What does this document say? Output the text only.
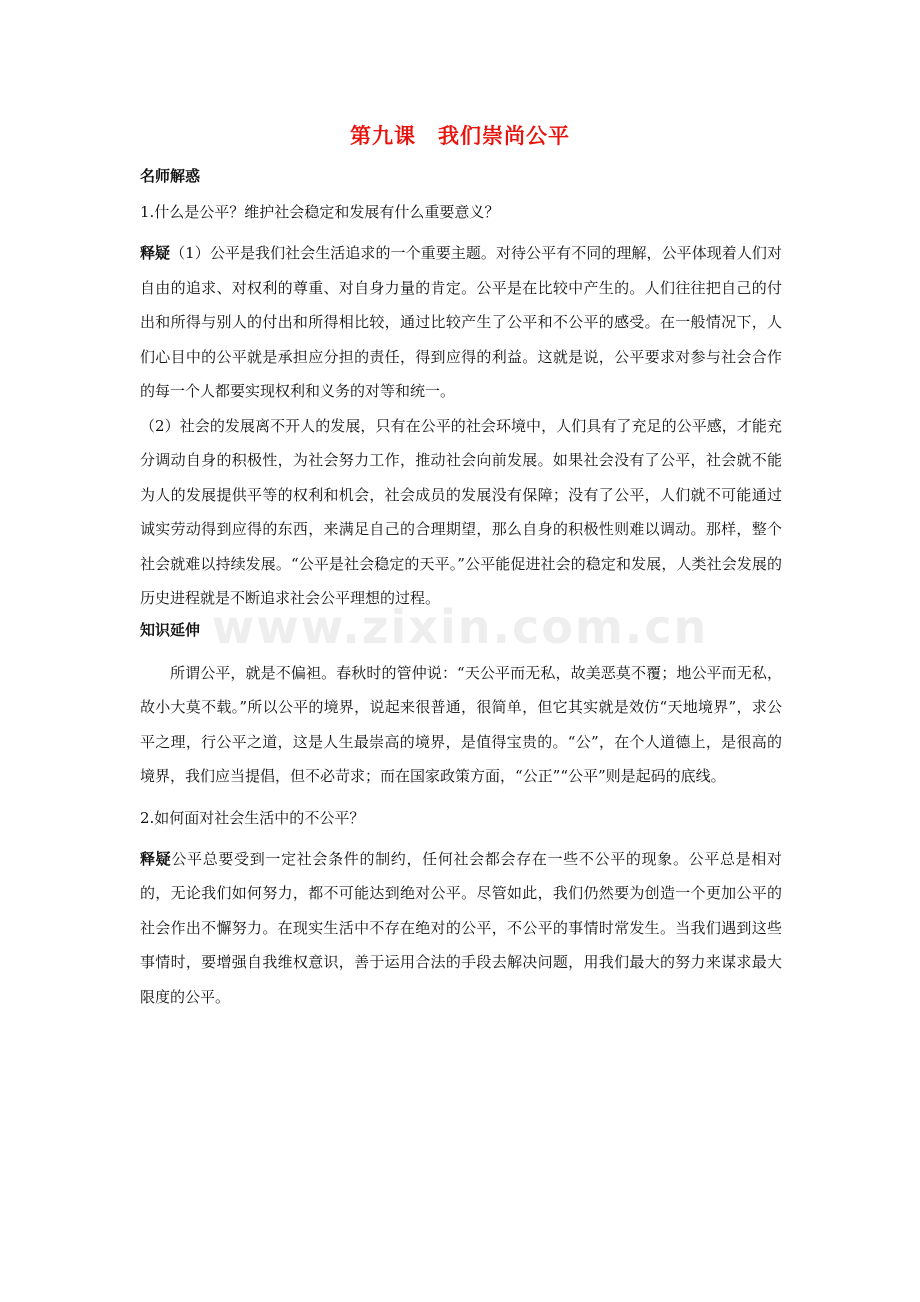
www.zixin.com.cn
第九课　我们崇尚公平
名师解惑
1.什么是公平？维护社会稳定和发展有什么重要意义？

释疑（1）公平是我们社会生活追求的一个重要主题。对待公平有不同的理解，公平体现着人们对自由的追求、对权利的尊重、对自身力量的肯定。公平是在比较中产生的。人们往往把自己的付出和所得与别人的付出和所得相比较，通过比较产生了公平和不公平的感受。在一般情况下，人们心目中的公平就是承担应分担的责任，得到应得的利益。这就是说，公平要求对参与社会合作的每一个人都要实现权利和义务的对等和统一。

（2）社会的发展离不开人的发展，只有在公平的社会环境中，人们具有了充足的公平感，才能充分调动自身的积极性，为社会努力工作，推动社会向前发展。如果社会没有了公平，社会就不能为人的发展提供平等的权利和机会，社会成员的发展没有保障；没有了公平，人们就不可能通过诚实劳动得到应得的东西，来满足自己的合理期望，那么自身的积极性则难以调动。那样，整个社会就难以持续发展。“公平是社会稳定的天平。”公平能促进社会的稳定和发展，人类社会发展的历史进程就是不断追求社会公平理想的过程。

知识延伸

所谓公平，就是不偏袒。春秋时的管仲说：“天公平而无私，故美恶莫不覆；地公平而无私，故小大莫不载。”所以公平的境界，说起来很普通，很简单，但它其实就是效仿“天地境界”，求公平之理，行公平之道，这是人生最崇高的境界，是值得宝贵的。“公”，在个人道德上，是很高的境界，我们应当提倡，但不必苛求；而在国家政策方面，“公正”“公平”则是起码的底线。

2.如何面对社会生活中的不公平？

释疑公平总要受到一定社会条件的制约，任何社会都会存在一些不公平的现象。公平总是相对的，无论我们如何努力，都不可能达到绝对公平。尽管如此，我们仍然要为创造一个更加公平的社会作出不懈努力。在现实生活中不存在绝对的公平，不公平的事情时常发生。当我们遇到这些事情时，要增强自我维权意识，善于运用合法的手段去解决问题，用我们最大的努力来谋求最大限度的公平。
